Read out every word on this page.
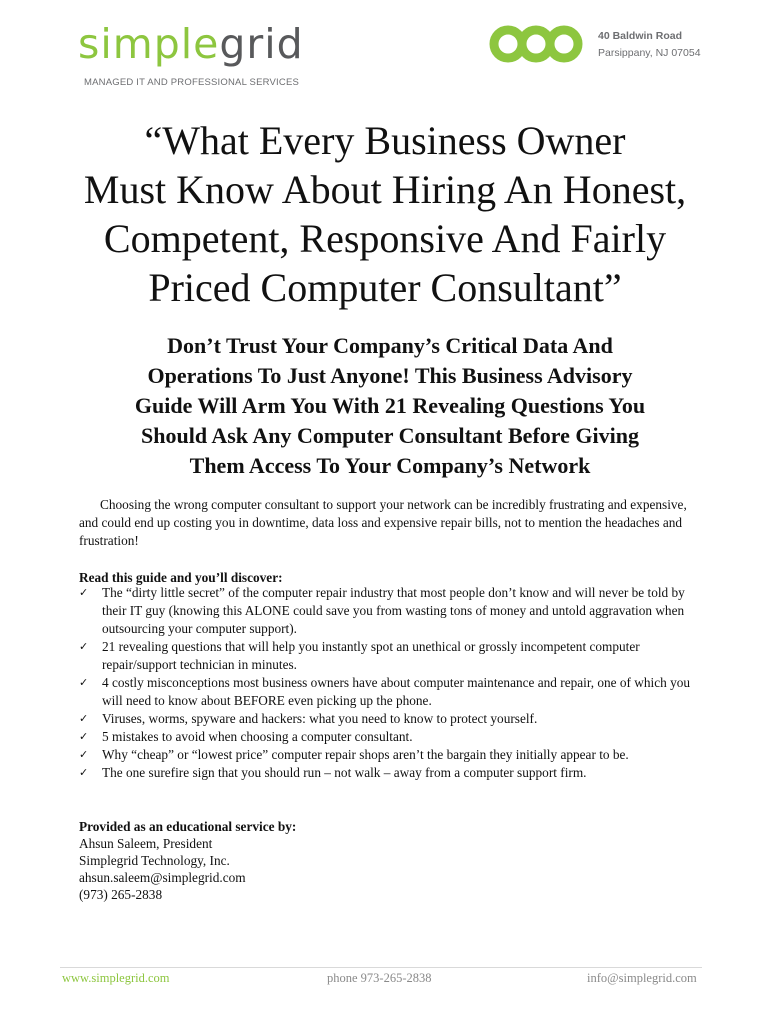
simplegrid
MANAGED IT AND PROFESSIONAL SERVICES
40 Baldwin Road
Parsippany, NJ 07054
“What Every Business Owner
Must Know About Hiring An Honest,
Competent, Responsive And Fairly
Priced Computer Consultant”
Don’t Trust Your Company’s Critical Data And
Operations To Just Anyone! This Business Advisory
Guide Will Arm You With 21 Revealing Questions You
Should Ask Any Computer Consultant Before Giving
Them Access To Your Company’s Network

Choosing the wrong computer consultant to support your network can be incredibly frustrating and expensive, and could end up costing you in downtime, data loss and expensive repair bills, not to mention the headaches and frustration!

Read this guide and you’ll discover:

✓ The “dirty little secret” of the computer repair industry that most people don’t know and will never be told by their IT guy (knowing this ALONE could save you from wasting tons of money and untold aggravation when outsourcing your computer support).
✓ 21 revealing questions that will help you instantly spot an unethical or grossly incompetent computer repair/support technician in minutes.
✓ 4 costly misconceptions most business owners have about computer maintenance and repair, one of which you will need to know about BEFORE even picking up the phone.
✓ Viruses, worms, spyware and hackers: what you need to know to protect yourself.
✓ 5 mistakes to avoid when choosing a computer consultant.
✓ Why “cheap” or “lowest price” computer repair shops aren’t the bargain they initially appear to be.
✓ The one surefire sign that you should run – not walk – away from a computer support firm.
Provided as an educational service by:
Ahsun Saleem, President
Simplegrid Technology, Inc.
ahsun.saleem@simplegrid.com
(973) 265-2838
www.simplegrid.com	phone 973-265-2838	info@simplegrid.com
